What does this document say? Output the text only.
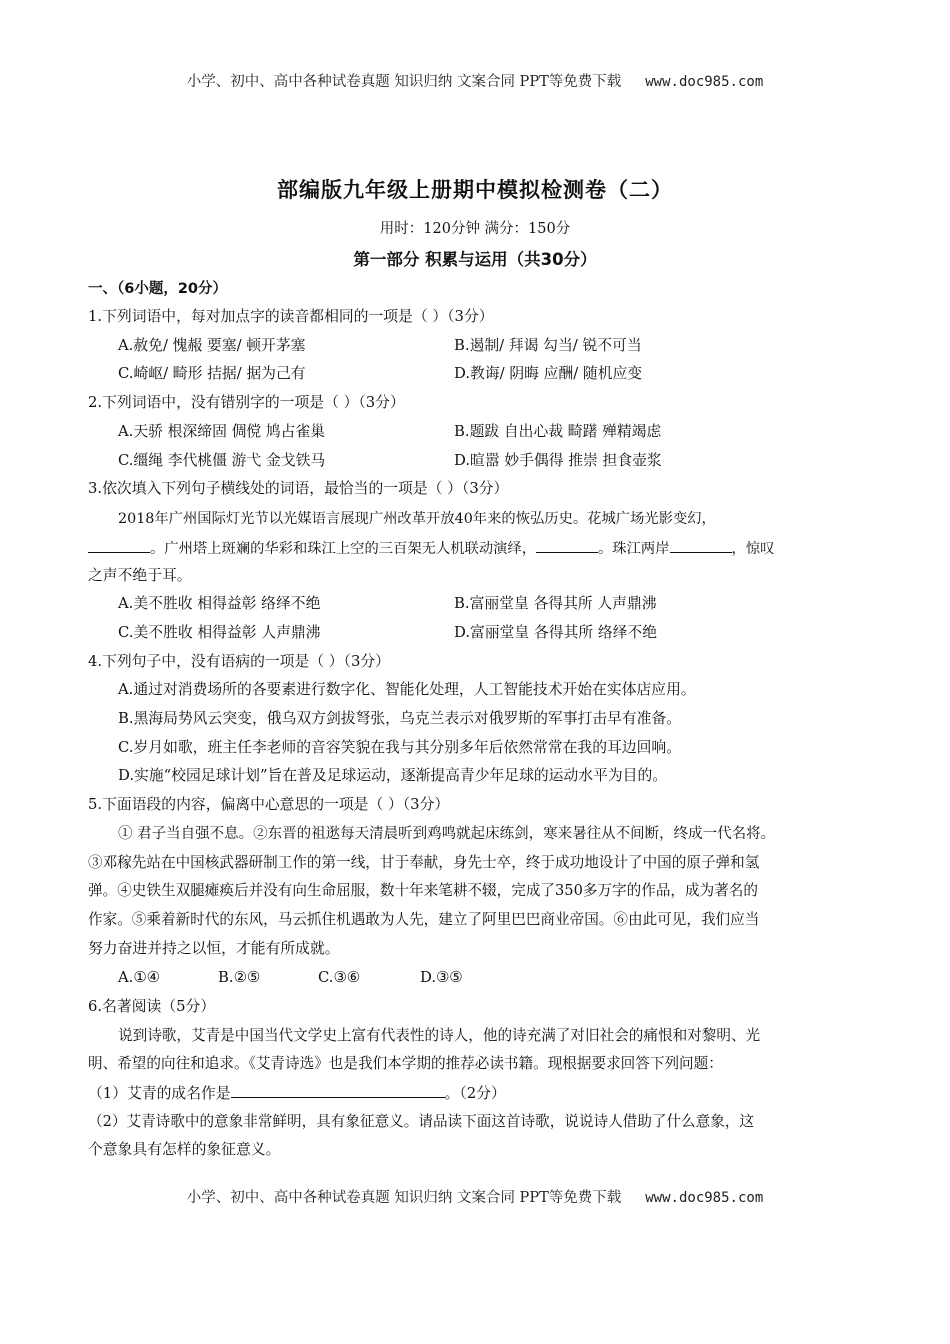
小学、初中、高中各种试卷真题 知识归纳 文案合同 PPT等免费下载 www.doc985.com
部编版九年级上册期中模拟检测卷（二）
用时：120分钟 满分：150分
第一部分 积累与运用（共30分）
一、（6小题，20分）
1.下列词语中，每对加点字的读音都相同的一项是（ ）（3分）
A.赦免/ 愧赧 要塞/ 顿开茅塞	B.遏制/ 拜谒 勾当/ 锐不可当
C.崎岖/ 畸形 拮据/ 据为己有	D.教诲/ 阴晦 应酬/ 随机应变
2.下列词语中，没有错别字的一项是（ ）（3分）
A.天骄 根深缔固 倜傥 鸠占雀巢	B.题跋 自出心裁 畸躇 殚精竭虑
C.缰绳 李代桃僵 游弋 金戈铁马	D.暄嚣 妙手偶得 推崇 担食壶浆
3.依次填入下列句子横线处的词语，最恰当的一项是（ ）（3分）
2018年广州国际灯光节以光媒语言展现广州改革开放40年来的恢弘历史。花城广场光影变幻，
。广州塔上斑斓的华彩和珠江上空的三百架无人机联动演绎，	。珠江两岸	，惊叹
之声不绝于耳。
A.美不胜收 相得益彰 络绎不绝	B.富丽堂皇 各得其所 人声鼎沸
C.美不胜收 相得益彰 人声鼎沸	D.富丽堂皇 各得其所 络绎不绝
4.下列句子中，没有语病的一项是（ ）（3分）
A.通过对消费场所的各要素进行数字化、智能化处理，人工智能技术开始在实体店应用。
B.黑海局势风云突变，俄乌双方剑拔弩张，乌克兰表示对俄罗斯的军事打击早有准备。
C.岁月如歌，班主任李老师的音容笑貌在我与其分别多年后依然常常在我的耳边回响。
D.实施“校园足球计划”旨在普及足球运动，逐渐提高青少年足球的运动水平为目的。
5.下面语段的内容，偏离中心意思的一项是（ ）（3分）
① 君子当自强不息。②东晋的祖逖每天清晨听到鸡鸣就起床练剑，寒来暑往从不间断，终成一代名将。
③邓稼先站在中国核武器研制工作的第一线，甘于奉献，身先士卒，终于成功地设计了中国的原子弹和氢
弹。④史铁生双腿瘫痪后并没有向生命屈服，数十年来笔耕不辍，完成了350多万字的作品，成为著名的
作家。⑤乘着新时代的东风，马云抓住机遇敢为人先，建立了阿里巴巴商业帝国。⑥由此可见，我们应当
努力奋进并持之以恒，才能有所成就。
A.①④	B.②⑤	C.③⑥	D.③⑤
6.名著阅读（5分）
说到诗歌，艾青是中国当代文学史上富有代表性的诗人，他的诗充满了对旧社会的痛恨和对黎明、光
明、希望的向往和追求。《艾青诗选》也是我们本学期的推荐必读书籍。现根据要求回答下列问题：
（1）艾青的成名作是	。（2分）
（2）艾青诗歌中的意象非常鲜明，具有象征意义。请品读下面这首诗歌，说说诗人借助了什么意象，这
个意象具有怎样的象征意义。
小学、初中、高中各种试卷真题 知识归纳 文案合同 PPT等免费下载 www.doc985.com
